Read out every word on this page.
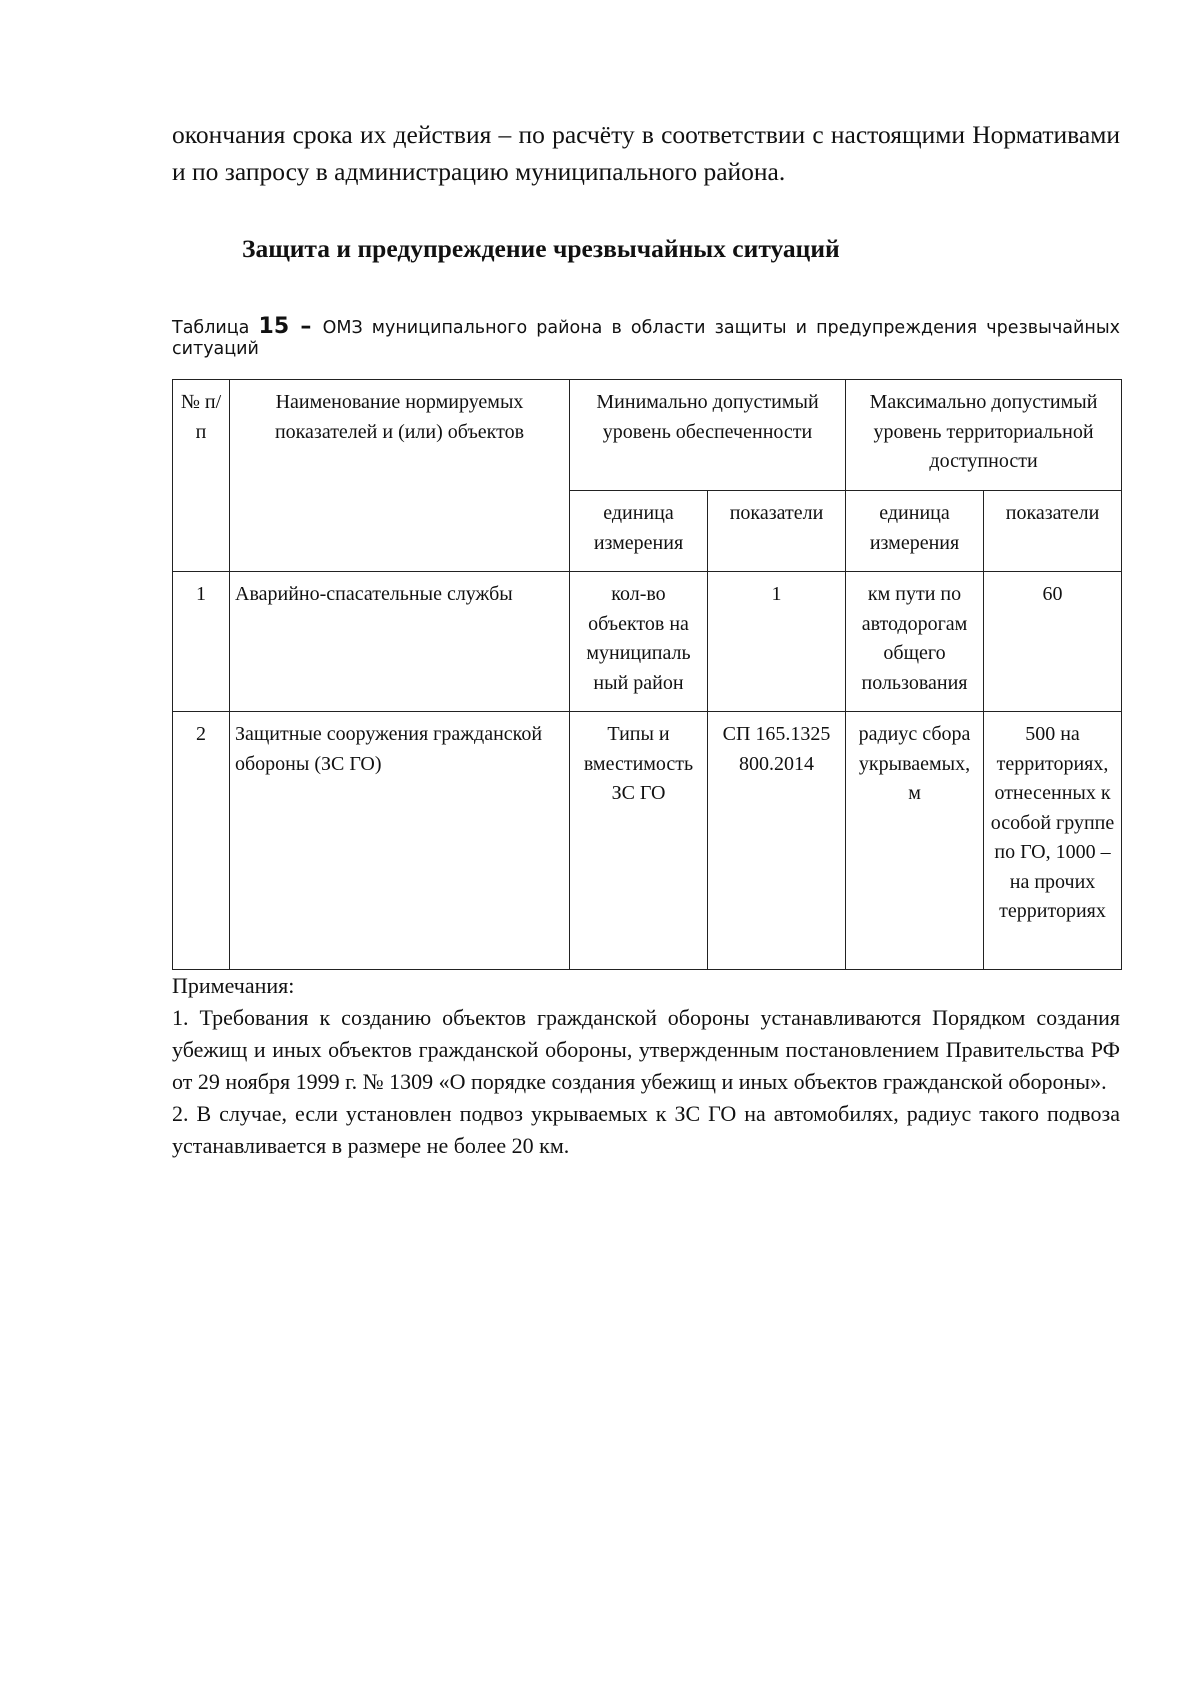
окончания срока их действия – по расчёту в соответствии с настоящими Нормативами и по запросу в администрацию муниципального района.

Защита и предупреждение чрезвычайных ситуаций

Таблица 15 – ОМЗ муниципального района в области защиты и предупреждения чрезвычайных ситуаций

№ п/п	Наименование нормируемых показателей и (или) объектов	Минимально допустимый уровень обеспеченности		Максимально допустимый уровень территориальной доступности	
		единица измерения	показатели	единица измерения	показатели
1	Аварийно-спасательные службы	кол-во объектов на муниципаль ный район	1	км пути по автодорогам общего пользования	60
2	Защитные сооружения гражданской обороны (ЗС ГО)	Типы и вместимость ЗС ГО	СП 165.1325 800.2014	радиус сбора укрываемых, м	500 на территориях, отнесенных к особой группе по ГО, 1000 – на прочих территориях

Примечания:

1. Требования к созданию объектов гражданской обороны устанавливаются Порядком создания убежищ и иных объектов гражданской обороны, утвержденным постановлением Правительства РФ от 29 ноября 1999 г. № 1309 «О порядке создания убежищ и иных объектов гражданской обороны».

2. В случае, если установлен подвоз укрываемых к ЗС ГО на автомобилях, радиус такого подвоза устанавливается в размере не более 20 км.
